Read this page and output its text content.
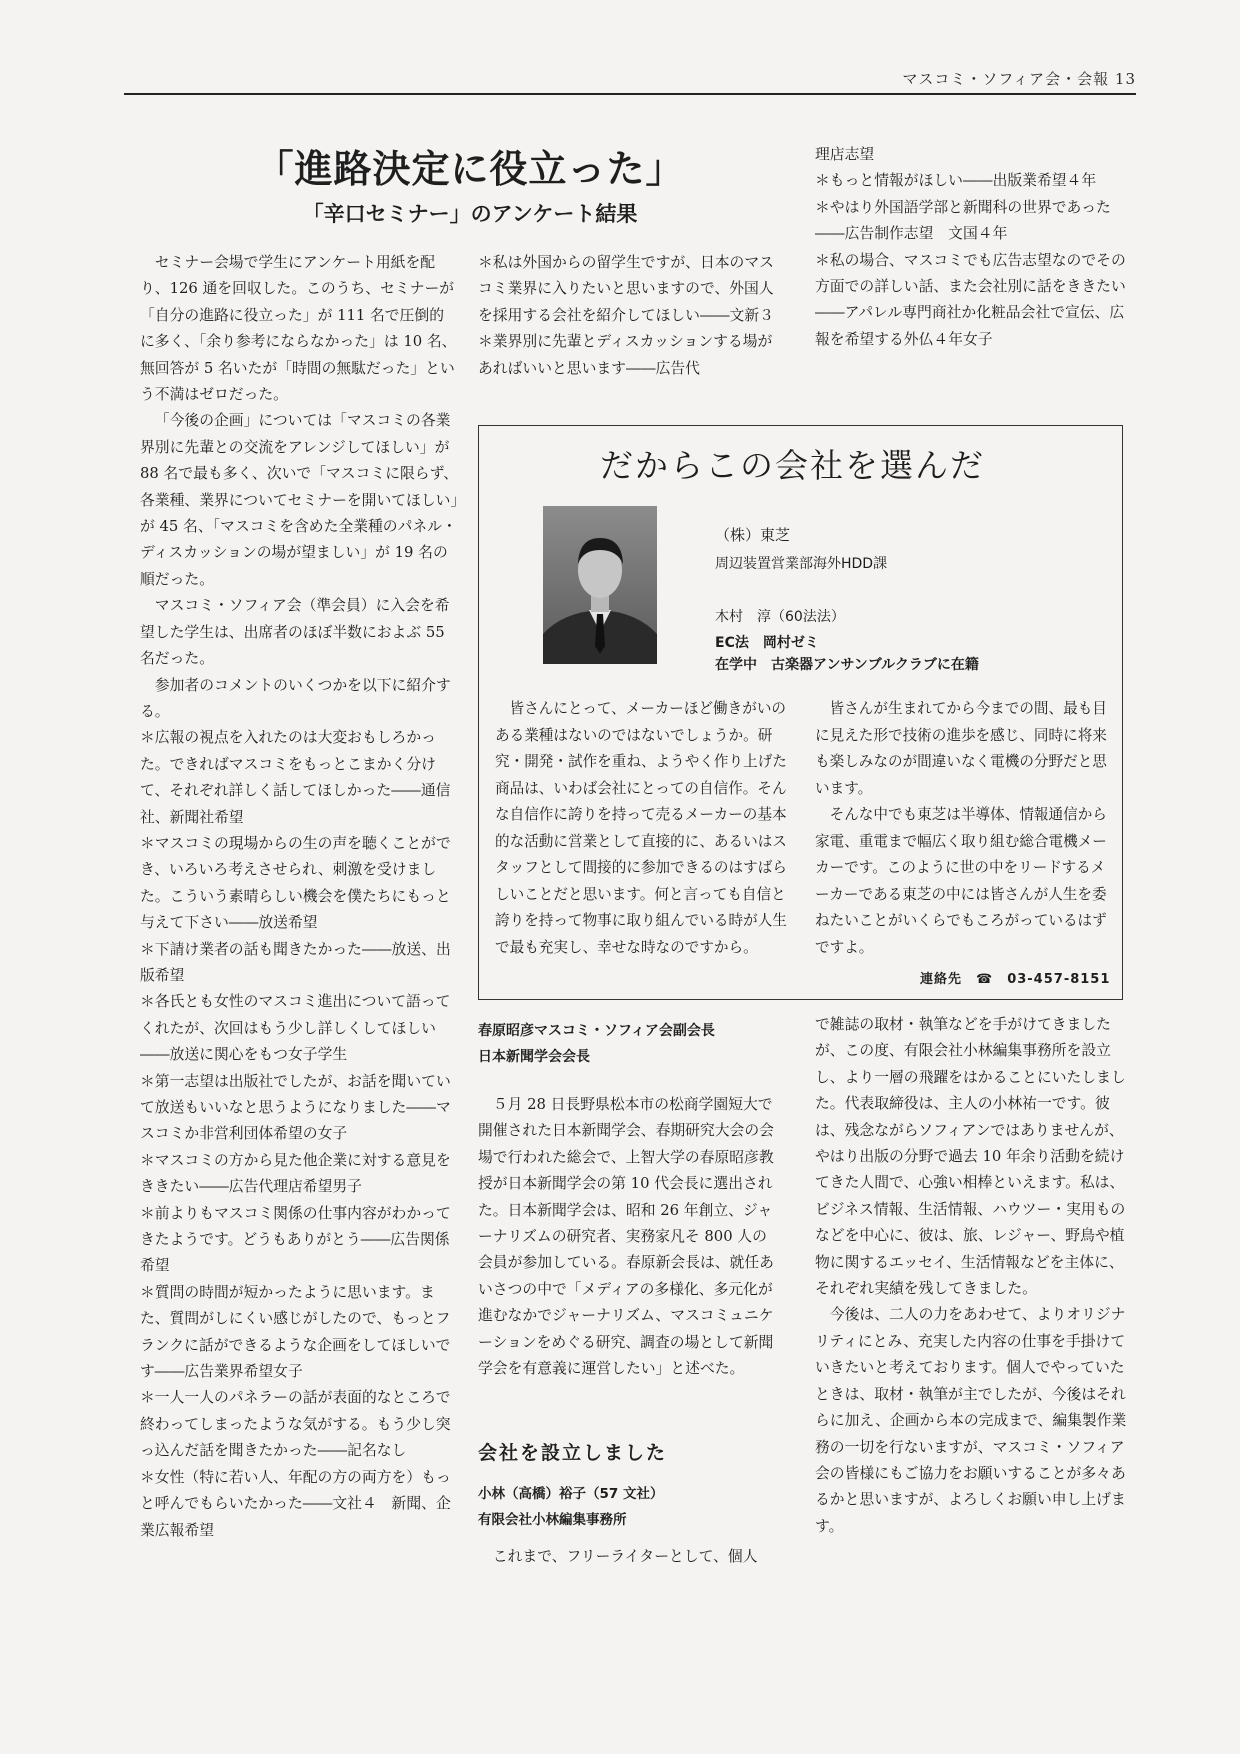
マスコミ・ソフィア会・会報 13
「進路決定に役立った」
「辛口セミナー」のアンケート結果

セミナー会場で学生にアンケート用紙を配り、126 通を回収した。このうち、セミナーが「自分の進路に役立った」が 111 名で圧倒的に多く、「余り参考にならなかった」は 10 名、無回答が 5 名いたが「時間の無駄だった」という不満はゼロだった。

「今後の企画」については「マスコミの各業界別に先輩との交流をアレンジしてほしい」が 88 名で最も多く、次いで「マスコミに限らず、各業種、業界についてセミナーを開いてほしい」が 45 名、「マスコミを含めた全業種のパネル・ディスカッションの場が望ましい」が 19 名の順だった。

マスコミ・ソフィア会（準会員）に入会を希望した学生は、出席者のほぼ半数におよぶ 55 名だった。

参加者のコメントのいくつかを以下に紹介する。

＊広報の視点を入れたのは大変おもしろかった。できればマスコミをもっとこまかく分けて、それぞれ詳しく話してほしかった――通信社、新聞社希望

＊マスコミの現場からの生の声を聴くことができ、いろいろ考えさせられ、刺激を受けました。こういう素晴らしい機会を僕たちにもっと与えて下さい――放送希望

＊下請け業者の話も聞きたかった――放送、出版希望

＊各氏とも女性のマスコミ進出について語ってくれたが、次回はもう少し詳しくしてほしい――放送に関心をもつ女子学生

＊第一志望は出版社でしたが、お話を聞いていて放送もいいなと思うようになりました――マスコミか非営利団体希望の女子

＊マスコミの方から見た他企業に対する意見をききたい――広告代理店希望男子

＊前よりもマスコミ関係の仕事内容がわかってきたようです。どうもありがとう――広告関係希望

＊質問の時間が短かったように思います。また、質問がしにくい感じがしたので、もっとフランクに話ができるような企画をしてほしいです――広告業界希望女子

＊一人一人のパネラーの話が表面的なところで終わってしまったような気がする。もう少し突っ込んだ話を聞きたかった――記名なし

＊女性（特に若い人、年配の方の両方を）もっと呼んでもらいたかった――文社４　新聞、企業広報希望

＊私は外国からの留学生ですが、日本のマスコミ業界に入りたいと思いますので、外国人を採用する会社を紹介してほしい――文新３

＊業界別に先輩とディスカッションする場があればいいと思います――広告代

理店志望

＊もっと情報がほしい――出版業希望４年

＊やはり外国語学部と新聞科の世界であった――広告制作志望　文国４年

＊私の場合、マスコミでも広告志望なのでその方面での詳しい話、また会社別に話をききたい――アパレル専門商社か化粧品会社で宣伝、広報を希望する外仏４年女子

だからこの会社を選んだ
（株）東芝
周辺装置営業部海外HDD課
木村　淳（60法法）
EC法　岡村ゼミ
在学中　古楽器アンサンブルクラブに在籍

皆さんにとって、メーカーほど働きがいのある業種はないのではないでしょうか。研究・開発・試作を重ね、ようやく作り上げた商品は、いわば会社にとっての自信作。そんな自信作に誇りを持って売るメーカーの基本的な活動に営業として直接的に、あるいはスタッフとして間接的に参加できるのはすばらしいことだと思います。何と言っても自信と誇りを持って物事に取り組んでいる時が人生で最も充実し、幸せな時なのですから。

皆さんが生まれてから今までの間、最も目に見えた形で技術の進歩を感じ、同時に将来も楽しみなのが間違いなく電機の分野だと思います。

そんな中でも東芝は半導体、情報通信から家電、重電まで幅広く取り組む総合電機メーカーです。このように世の中をリードするメーカーである東芝の中には皆さんが人生を委ねたいことがいくらでもころがっているはずですよ。

連絡先　☎　03-457-8151
春原昭彦マスコミ・ソフィア会副会長
日本新聞学会会長

５月 28 日長野県松本市の松商学園短大で開催された日本新聞学会、春期研究大会の会場で行われた総会で、上智大学の春原昭彦教授が日本新聞学会の第 10 代会長に選出された。日本新聞学会は、昭和 26 年創立、ジャーナリズムの研究者、実務家凡そ 800 人の会員が参加している。春原新会長は、就任あいさつの中で「メディアの多様化、多元化が進むなかでジャーナリズム、マスコミュニケーションをめぐる研究、調査の場として新聞学会を有意義に運営したい」と述べた。

会社を設立しました
小林（高橋）裕子（57 文社）
有限会社小林編集事務所

これまで、フリーライターとして、個人

で雑誌の取材・執筆などを手がけてきましたが、この度、有限会社小林編集事務所を設立し、より一層の飛躍をはかることにいたしました。代表取締役は、主人の小林祐一です。彼は、残念ながらソフィアンではありませんが、やはり出版の分野で過去 10 年余り活動を続けてきた人間で、心強い相棒といえます。私は、ビジネス情報、生活情報、ハウツー・実用ものなどを中心に、彼は、旅、レジャー、野鳥や植物に関するエッセイ、生活情報などを主体に、それぞれ実績を残してきました。

今後は、二人の力をあわせて、よりオリジナリティにとみ、充実した内容の仕事を手掛けていきたいと考えております。個人でやっていたときは、取材・執筆が主でしたが、今後はそれらに加え、企画から本の完成まで、編集製作業務の一切を行ないますが、マスコミ・ソフィア会の皆様にもご協力をお願いすることが多々あるかと思いますが、よろしくお願い申し上げます。
